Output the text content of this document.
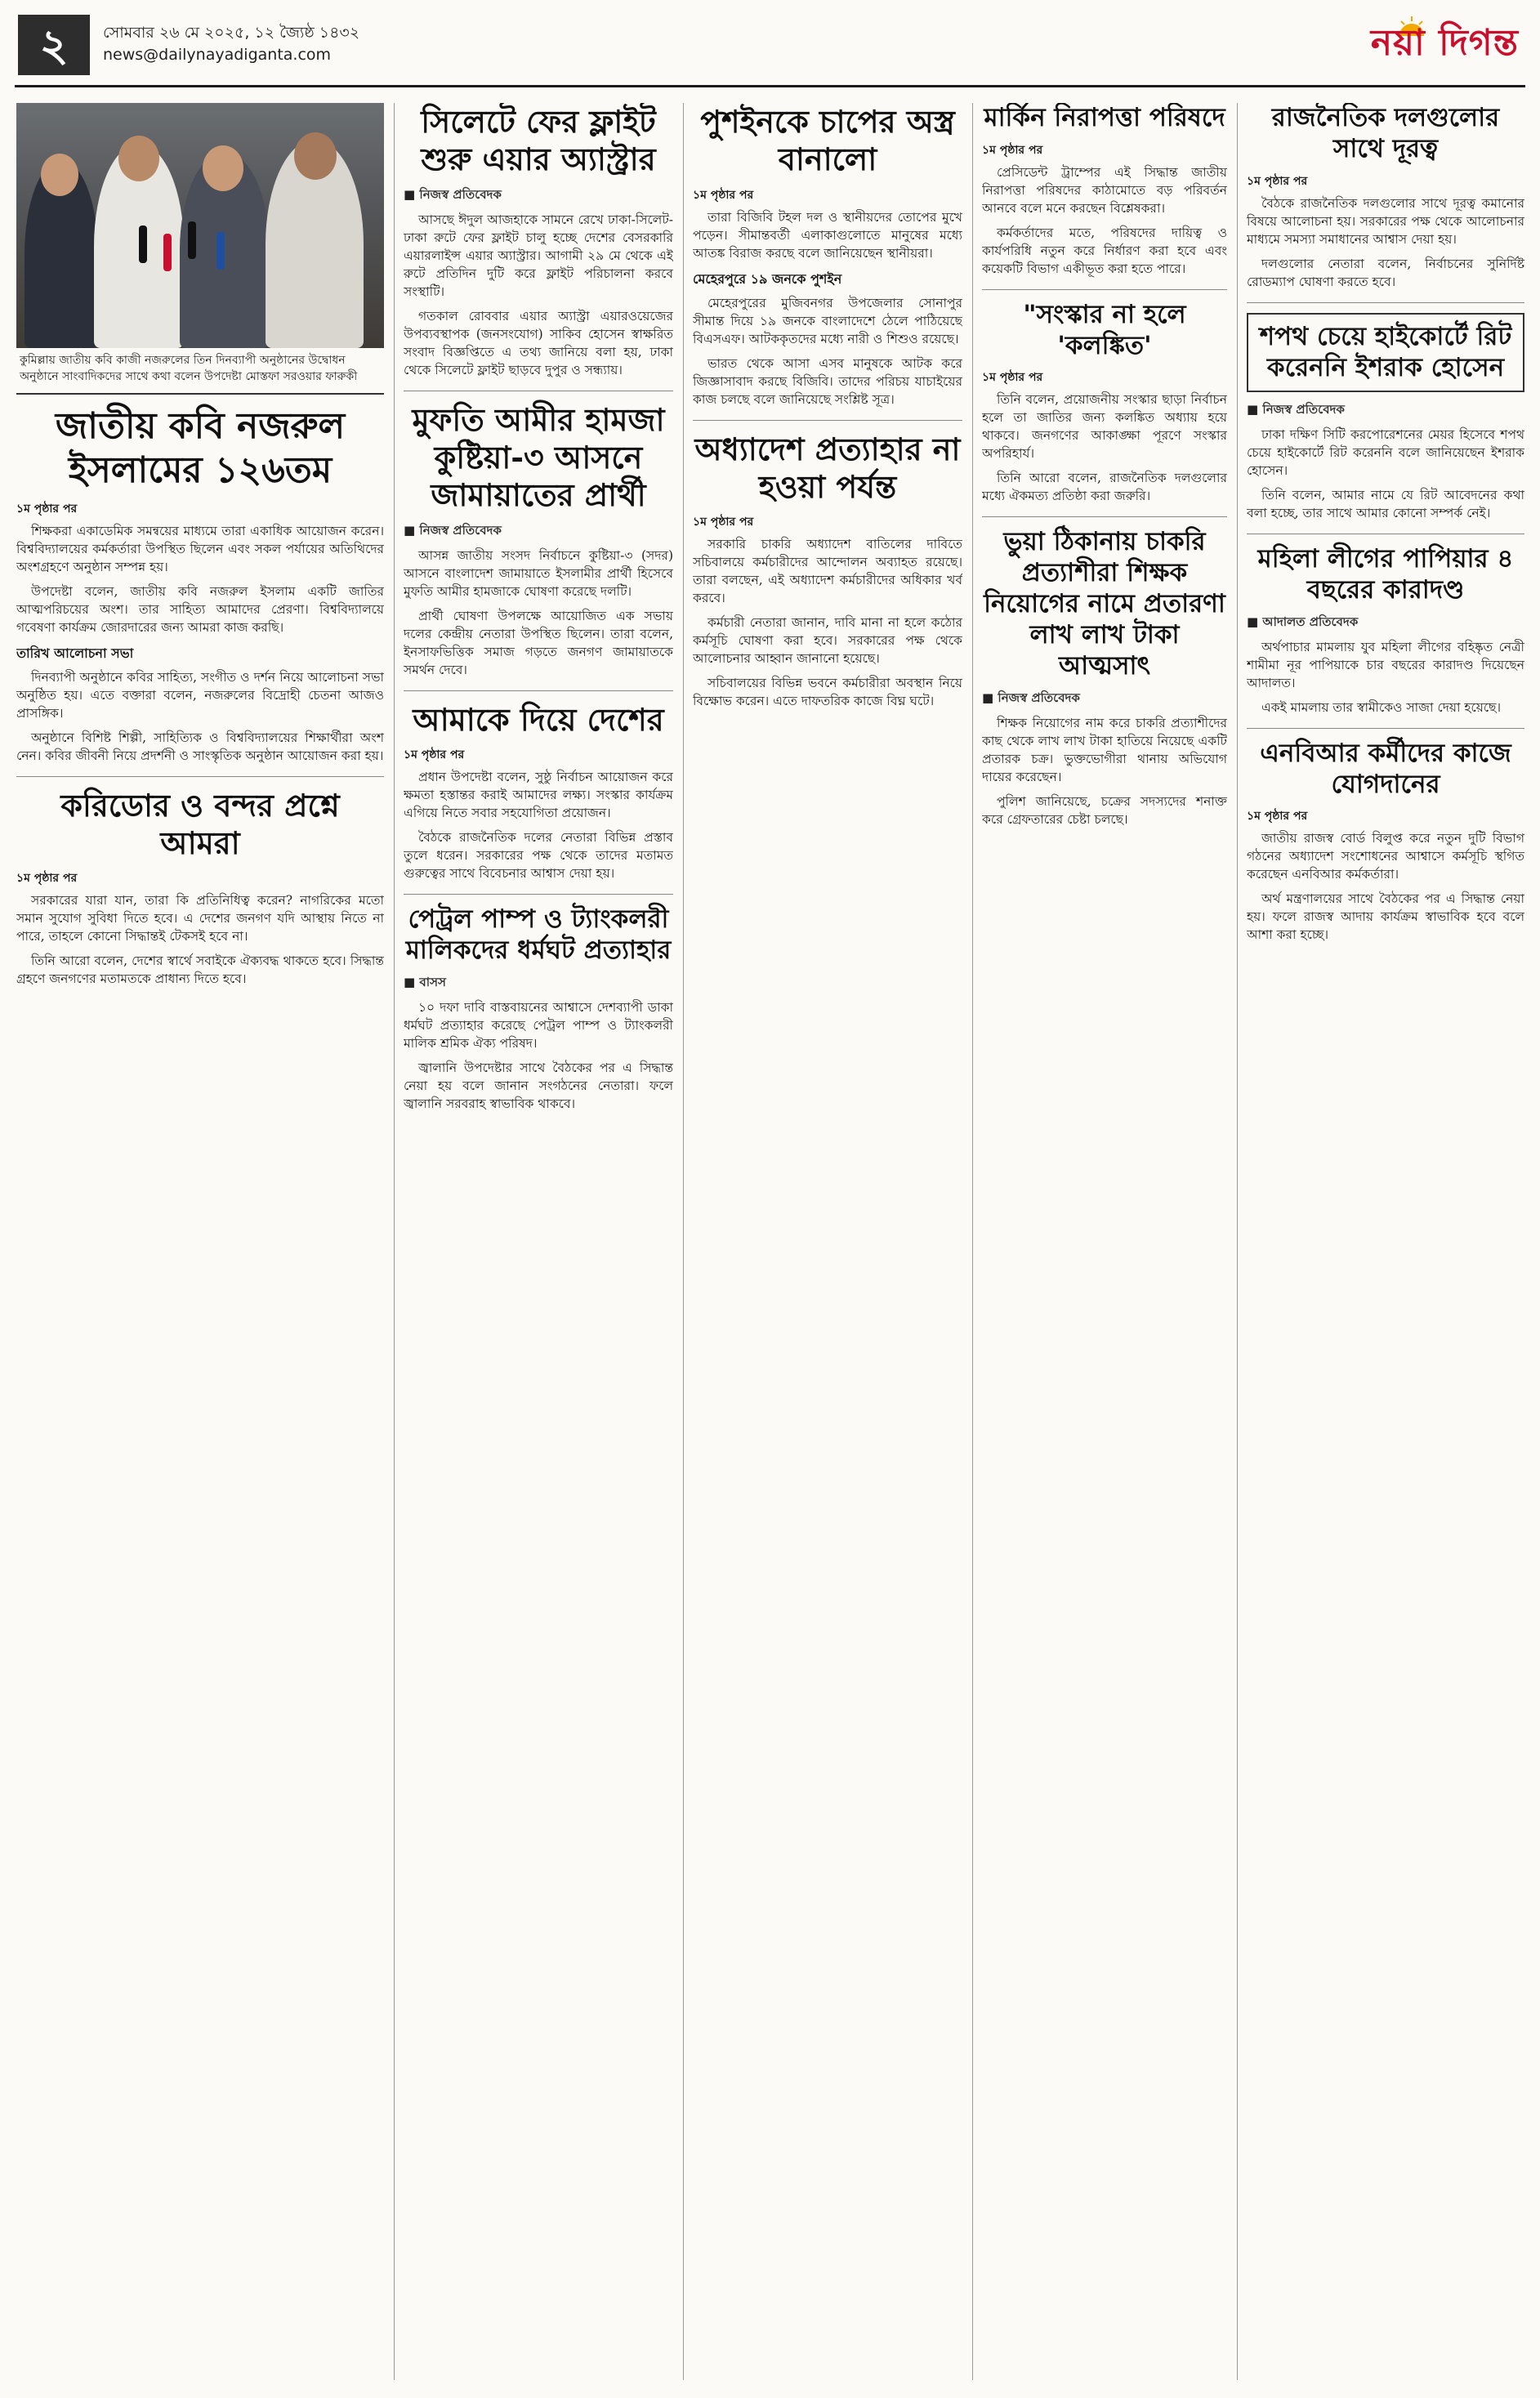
২	সোমবার ২৬ মে ২০২৫, ১২ জ্যৈষ্ঠ ১৪৩২
news@dailynayadiganta.com	নয়া দিগন্ত
কুমিল্লায় জাতীয় কবি কাজী নজরুলের তিন দিনব্যাপী অনুষ্ঠানের উদ্বোধন অনুষ্ঠানে সাংবাদিকদের সাথে কথা বলেন উপদেষ্টা মোস্তফা সরওয়ার ফারুকী
জাতীয় কবি নজরুল ইসলামের ১২৬তম
১ম পৃষ্ঠার পর

শিক্ষকরা একাডেমিক সমন্বয়ের মাধ্যমে তারা একাধিক আয়োজন করেন। বিশ্ববিদ্যালয়ের কর্মকর্তারা উপস্থিত ছিলেন এবং সকল পর্যায়ের অতিথিদের অংশগ্রহণে অনুষ্ঠান সম্পন্ন হয়।

উপদেষ্টা বলেন, জাতীয় কবি নজরুল ইসলাম একটি জাতির আত্মপরিচয়ের অংশ। তার সাহিত্য আমাদের প্রেরণা। বিশ্ববিদ্যালয়ে গবেষণা কার্যক্রম জোরদারের জন্য আমরা কাজ করছি।

তারিখ আলোচনা সভা

দিনব্যাপী অনুষ্ঠানে কবির সাহিত্য, সংগীত ও দর্শন নিয়ে আলোচনা সভা অনুষ্ঠিত হয়। এতে বক্তারা বলেন, নজরুলের বিদ্রোহী চেতনা আজও প্রাসঙ্গিক।

অনুষ্ঠানে বিশিষ্ট শিল্পী, সাহিত্যিক ও বিশ্ববিদ্যালয়ের শিক্ষার্থীরা অংশ নেন। কবির জীবনী নিয়ে প্রদর্শনী ও সাংস্কৃতিক অনুষ্ঠান আয়োজন করা হয়।

করিডোর ও বন্দর প্রশ্নে আমরা
১ম পৃষ্ঠার পর

সরকারের যারা যান, তারা কি প্রতিনিধিত্ব করেন? নাগরিকের মতো সমান সুযোগ সুবিধা দিতে হবে। এ দেশের জনগণ যদি আস্থায় নিতে না পারে, তাহলে কোনো সিদ্ধান্তই টেকসই হবে না।

তিনি আরো বলেন, দেশের স্বার্থে সবাইকে ঐক্যবদ্ধ থাকতে হবে। সিদ্ধান্ত গ্রহণে জনগণের মতামতকে প্রাধান্য দিতে হবে।

সিলেটে ফের ফ্লাইট শুরু এয়ার অ্যাস্ট্রার
■ নিজস্ব প্রতিবেদক

আসছে ঈদুল আজহাকে সামনে রেখে ঢাকা-সিলেট-ঢাকা রুটে ফের ফ্লাইট চালু হচ্ছে দেশের বেসরকারি এয়ারলাইন্স এয়ার অ্যাস্ট্রার। আগামী ২৯ মে থেকে এই রুটে প্রতিদিন দুটি করে ফ্লাইট পরিচালনা করবে সংস্থাটি।

গতকাল রোববার এয়ার অ্যাস্ট্রা এয়ারওয়েজের উপব্যবস্থাপক (জনসংযোগ) সাকিব হোসেন স্বাক্ষরিত সংবাদ বিজ্ঞপ্তিতে এ তথ্য জানিয়ে বলা হয়, ঢাকা থেকে সিলেটে ফ্লাইট ছাড়বে দুপুর ও সন্ধ্যায়।

মুফতি আমীর হামজা কুষ্টিয়া-৩ আসনে জামায়াতের প্রার্থী
■ নিজস্ব প্রতিবেদক

আসন্ন জাতীয় সংসদ নির্বাচনে কুষ্টিয়া-৩ (সদর) আসনে বাংলাদেশ জামায়াতে ইসলামীর প্রার্থী হিসেবে মুফতি আমীর হামজাকে ঘোষণা করেছে দলটি।

প্রার্থী ঘোষণা উপলক্ষে আয়োজিত এক সভায় দলের কেন্দ্রীয় নেতারা উপস্থিত ছিলেন। তারা বলেন, ইনসাফভিত্তিক সমাজ গড়তে জনগণ জামায়াতকে সমর্থন দেবে।

আমাকে দিয়ে দেশের
১ম পৃষ্ঠার পর

প্রধান উপদেষ্টা বলেন, সুষ্ঠু নির্বাচন আয়োজন করে ক্ষমতা হস্তান্তর করাই আমাদের লক্ষ্য। সংস্কার কার্যক্রম এগিয়ে নিতে সবার সহযোগিতা প্রয়োজন।

বৈঠকে রাজনৈতিক দলের নেতারা বিভিন্ন প্রস্তাব তুলে ধরেন। সরকারের পক্ষ থেকে তাদের মতামত গুরুত্বের সাথে বিবেচনার আশ্বাস দেয়া হয়।

পেট্রল পাম্প ও ট্যাংকলরী মালিকদের ধর্মঘট প্রত্যাহার
■ বাসস

১০ দফা দাবি বাস্তবায়নের আশ্বাসে দেশব্যাপী ডাকা ধর্মঘট প্রত্যাহার করেছে পেট্রল পাম্প ও ট্যাংকলরী মালিক শ্রমিক ঐক্য পরিষদ।

জ্বালানি উপদেষ্টার সাথে বৈঠকের পর এ সিদ্ধান্ত নেয়া হয় বলে জানান সংগঠনের নেতারা। ফলে জ্বালানি সরবরাহ স্বাভাবিক থাকবে।

পুশইনকে চাপের অস্ত্র বানালো
১ম পৃষ্ঠার পর

তারা বিজিবি টহল দল ও স্থানীয়দের তোপের মুখে পড়েন। সীমান্তবর্তী এলাকাগুলোতে মানুষের মধ্যে আতঙ্ক বিরাজ করছে বলে জানিয়েছেন স্থানীয়রা।

মেহেরপুরে ১৯ জনকে পুশইন

মেহেরপুরের মুজিবনগর উপজেলার সোনাপুর সীমান্ত দিয়ে ১৯ জনকে বাংলাদেশে ঠেলে পাঠিয়েছে বিএসএফ। আটককৃতদের মধ্যে নারী ও শিশুও রয়েছে।

ভারত থেকে আসা এসব মানুষকে আটক করে জিজ্ঞাসাবাদ করছে বিজিবি। তাদের পরিচয় যাচাইয়ের কাজ চলছে বলে জানিয়েছে সংশ্লিষ্ট সূত্র।

অধ্যাদেশ প্রত্যাহার না হওয়া পর্যন্ত
১ম পৃষ্ঠার পর

সরকারি চাকরি অধ্যাদেশ বাতিলের দাবিতে সচিবালয়ে কর্মচারীদের আন্দোলন অব্যাহত রয়েছে। তারা বলছেন, এই অধ্যাদেশ কর্মচারীদের অধিকার খর্ব করবে।

কর্মচারী নেতারা জানান, দাবি মানা না হলে কঠোর কর্মসূচি ঘোষণা করা হবে। সরকারের পক্ষ থেকে আলোচনার আহ্বান জানানো হয়েছে।

সচিবালয়ের বিভিন্ন ভবনে কর্মচারীরা অবস্থান নিয়ে বিক্ষোভ করেন। এতে দাফতরিক কাজে বিঘ্ন ঘটে।

মার্কিন নিরাপত্তা পরিষদে
১ম পৃষ্ঠার পর

প্রেসিডেন্ট ট্রাম্পের এই সিদ্ধান্ত জাতীয় নিরাপত্তা পরিষদের কাঠামোতে বড় পরিবর্তন আনবে বলে মনে করছেন বিশ্লেষকরা।

কর্মকর্তাদের মতে, পরিষদের দায়িত্ব ও কার্যপরিধি নতুন করে নির্ধারণ করা হবে এবং কয়েকটি বিভাগ একীভূত করা হতে পারে।

"সংস্কার না হলে 'কলঙ্কিত'
১ম পৃষ্ঠার পর

তিনি বলেন, প্রয়োজনীয় সংস্কার ছাড়া নির্বাচন হলে তা জাতির জন্য কলঙ্কিত অধ্যায় হয়ে থাকবে। জনগণের আকাঙ্ক্ষা পূরণে সংস্কার অপরিহার্য।

তিনি আরো বলেন, রাজনৈতিক দলগুলোর মধ্যে ঐকমত্য প্রতিষ্ঠা করা জরুরি।

ভুয়া ঠিকানায় চাকরি প্রত্যাশীরা শিক্ষক নিয়োগের নামে প্রতারণা লাখ লাখ টাকা আত্মসাৎ
■ নিজস্ব প্রতিবেদক

শিক্ষক নিয়োগের নাম করে চাকরি প্রত্যাশীদের কাছ থেকে লাখ লাখ টাকা হাতিয়ে নিয়েছে একটি প্রতারক চক্র। ভুক্তভোগীরা থানায় অভিযোগ দায়ের করেছেন।

পুলিশ জানিয়েছে, চক্রের সদস্যদের শনাক্ত করে গ্রেফতারের চেষ্টা চলছে।

রাজনৈতিক দলগুলোর সাথে দূরত্ব
১ম পৃষ্ঠার পর

বৈঠকে রাজনৈতিক দলগুলোর সাথে দূরত্ব কমানোর বিষয়ে আলোচনা হয়। সরকারের পক্ষ থেকে আলোচনার মাধ্যমে সমস্যা সমাধানের আশ্বাস দেয়া হয়।

দলগুলোর নেতারা বলেন, নির্বাচনের সুনির্দিষ্ট রোডম্যাপ ঘোষণা করতে হবে।

শপথ চেয়ে হাইকোর্টে রিট করেননি ইশরাক হোসেন
■ নিজস্ব প্রতিবেদক

ঢাকা দক্ষিণ সিটি করপোরেশনের মেয়র হিসেবে শপথ চেয়ে হাইকোর্টে রিট করেননি বলে জানিয়েছেন ইশরাক হোসেন।

তিনি বলেন, আমার নামে যে রিট আবেদনের কথা বলা হচ্ছে, তার সাথে আমার কোনো সম্পর্ক নেই।

মহিলা লীগের পাপিয়ার ৪ বছরের কারাদণ্ড
■ আদালত প্রতিবেদক

অর্থপাচার মামলায় যুব মহিলা লীগের বহিষ্কৃত নেত্রী শামীমা নূর পাপিয়াকে চার বছরের কারাদণ্ড দিয়েছেন আদালত।

একই মামলায় তার স্বামীকেও সাজা দেয়া হয়েছে।

এনবিআর কর্মীদের কাজে যোগদানের
১ম পৃষ্ঠার পর

জাতীয় রাজস্ব বোর্ড বিলুপ্ত করে নতুন দুটি বিভাগ গঠনের অধ্যাদেশ সংশোধনের আশ্বাসে কর্মসূচি স্থগিত করেছেন এনবিআর কর্মকর্তারা।

অর্থ মন্ত্রণালয়ের সাথে বৈঠকের পর এ সিদ্ধান্ত নেয়া হয়। ফলে রাজস্ব আদায় কার্যক্রম স্বাভাবিক হবে বলে আশা করা হচ্ছে।
